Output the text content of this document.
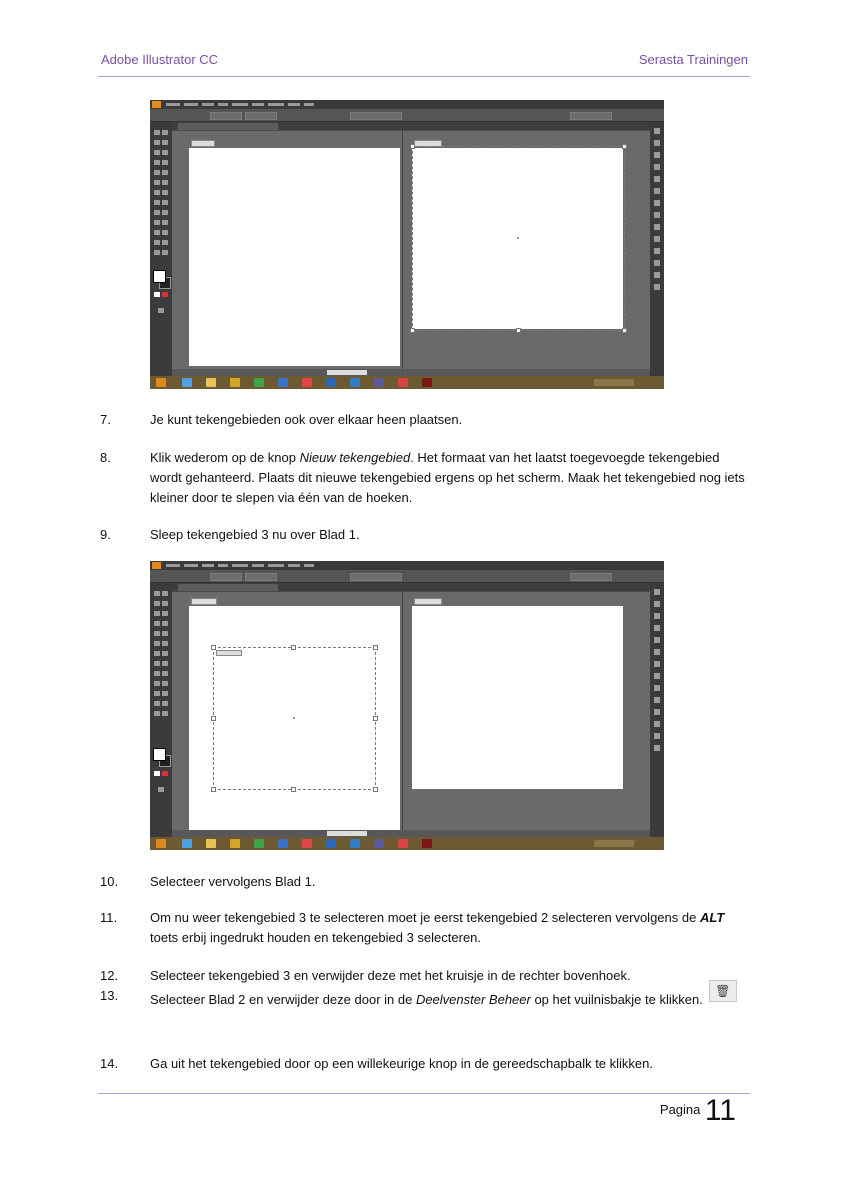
Adobe Illustrator CC	Serasta Trainingen
7.	Je kunt tekengebieden ook over elkaar heen plaatsen.
8.	Klik wederom op de knop Nieuw tekengebied. Het formaat van het laatst toegevoegde tekengebied wordt gehanteerd. Plaats dit nieuwe tekengebied ergens op het scherm. Maak het tekengebied nog iets kleiner door te slepen via één van de hoeken.
9.	Sleep tekengebied 3 nu over Blad 1.
10.	Selecteer vervolgens Blad 1.
11.	Om nu weer tekengebied 3 te selecteren moet je eerst tekengebied 2 selecteren vervolgens de ALT toets erbij ingedrukt houden en tekengebied 3 selecteren.
12.	Selecteer tekengebied 3 en verwijder deze met het kruisje in de rechter bovenhoek.
13.	Selecteer Blad 2 en verwijder deze door in de Deelvenster Beheer op het vuilnisbakje te klikken.🗑
14.	Ga uit het tekengebied door op een willekeurige knop in de gereedschapbalk te klikken.
$^{Pagina}$ 11
